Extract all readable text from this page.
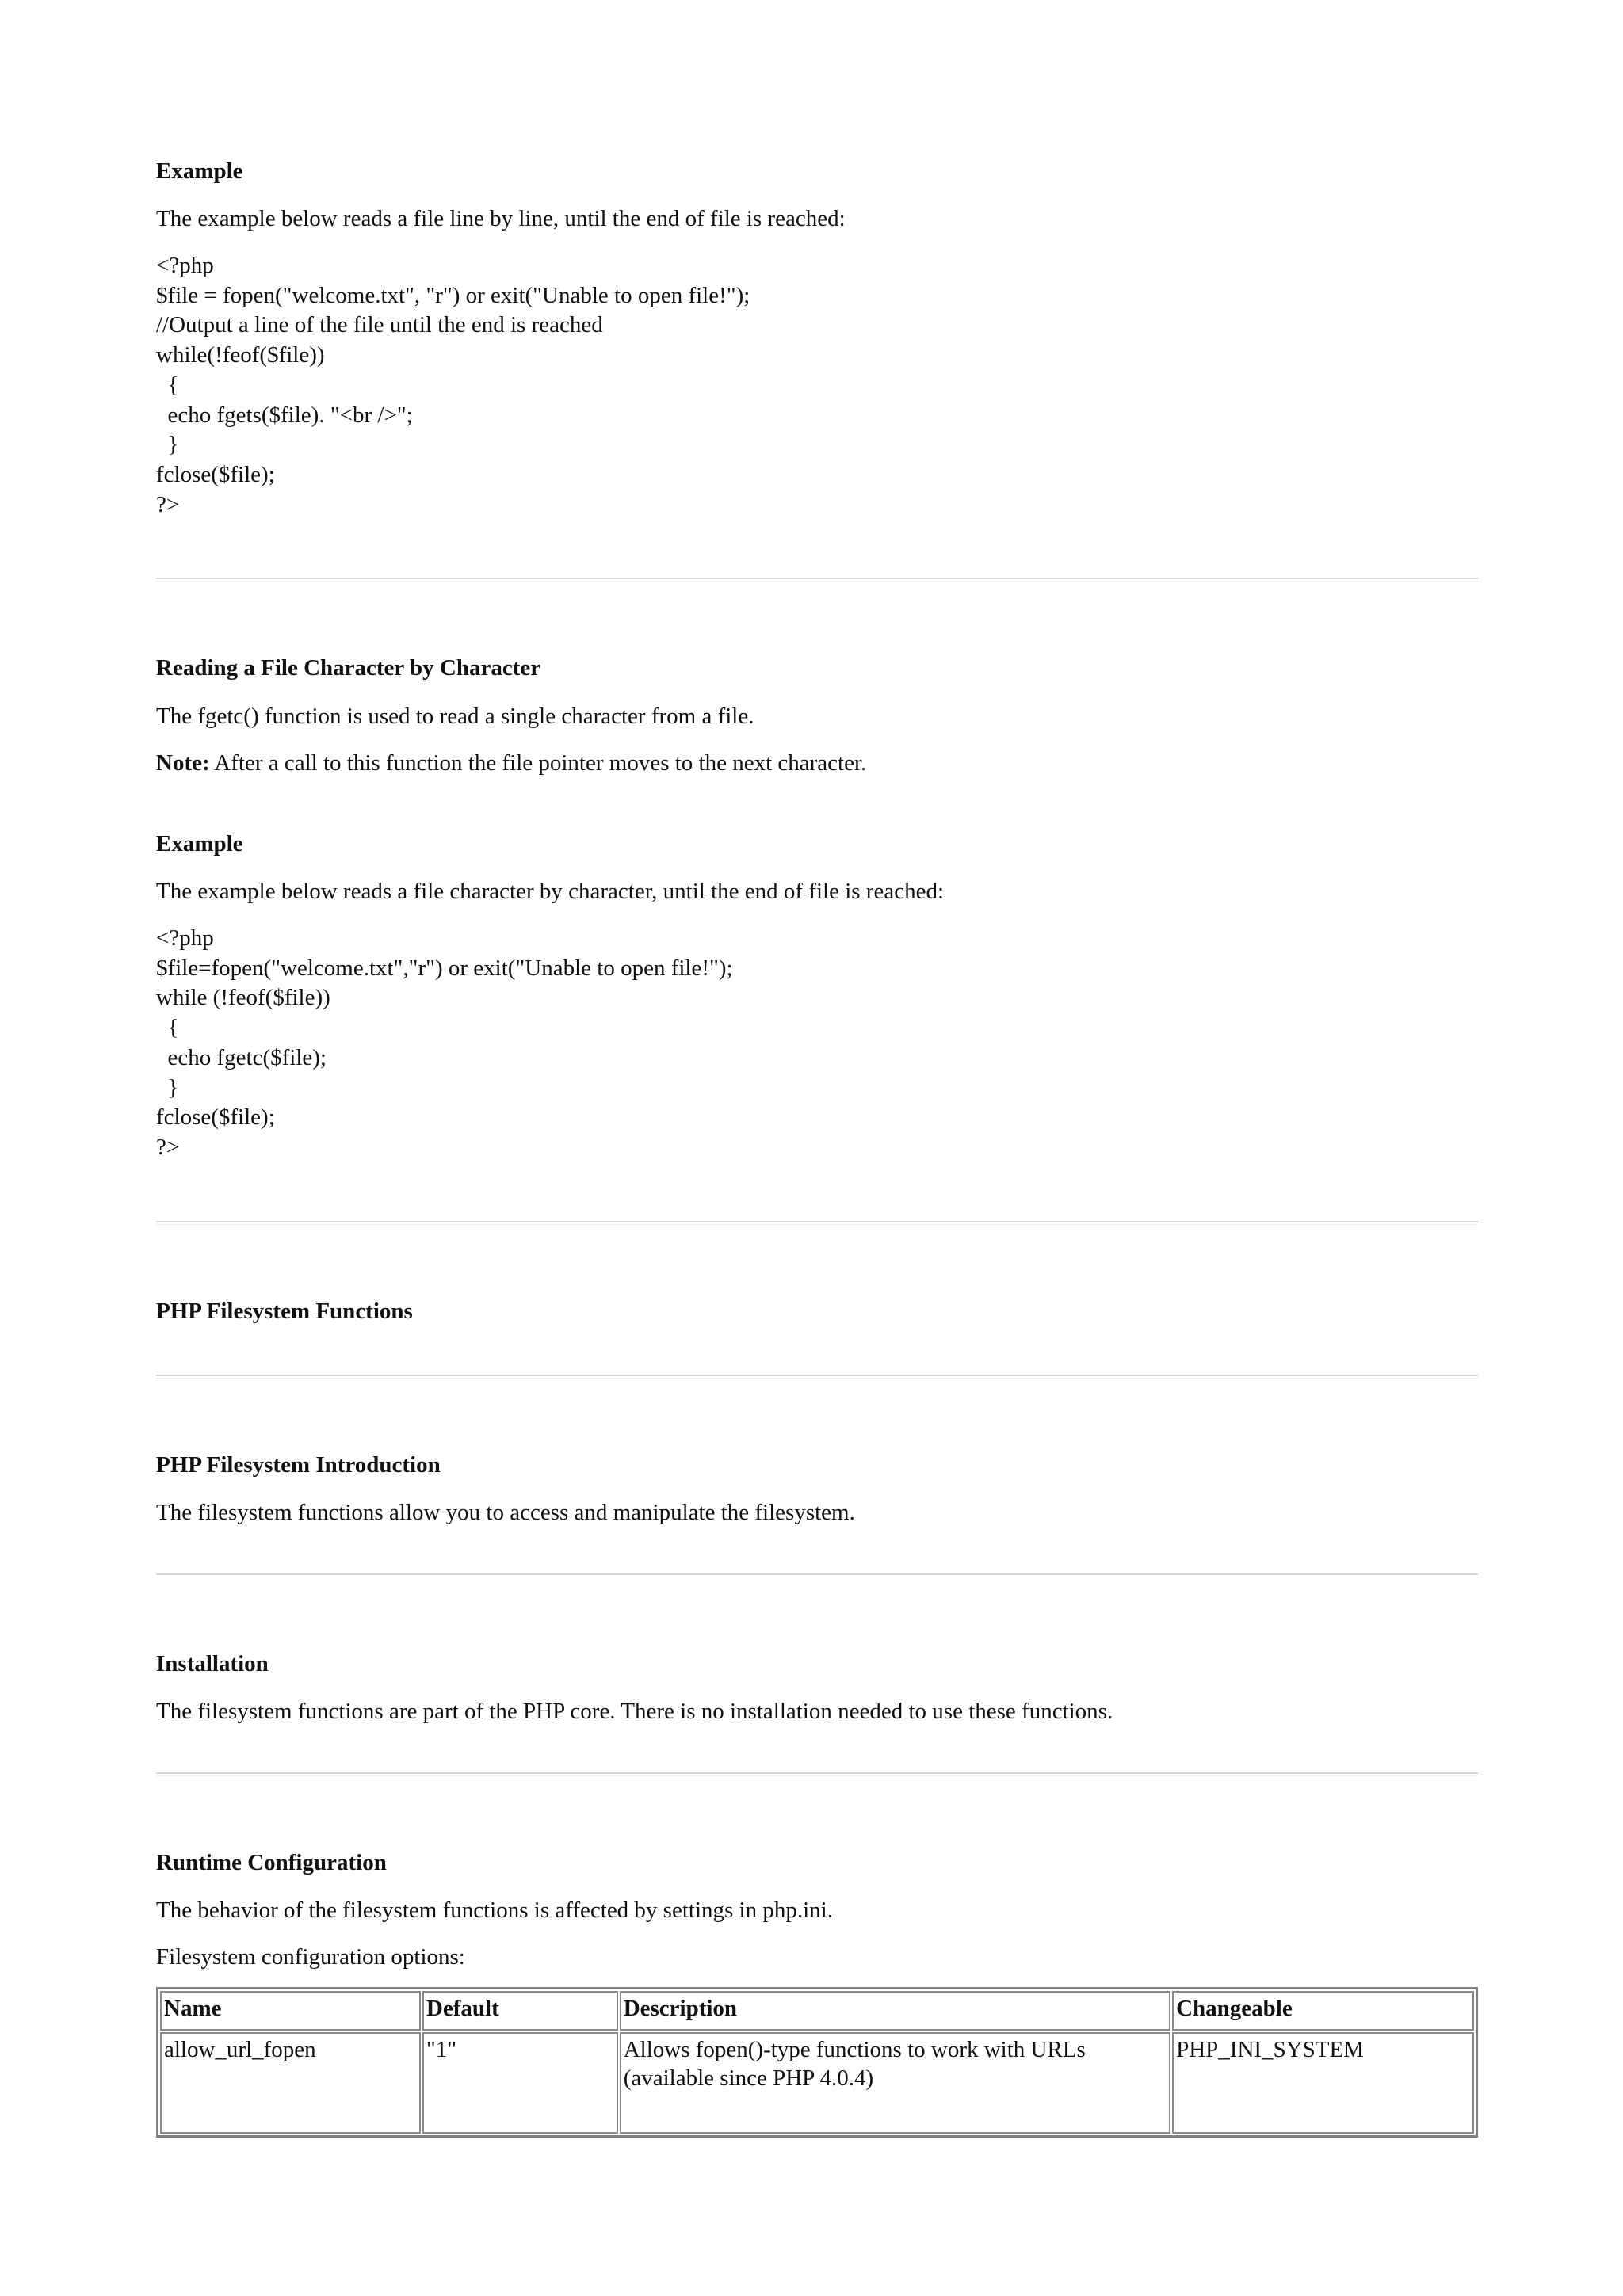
Example

The example below reads a file line by line, until the end of file is reached:

<?php
$file = fopen("welcome.txt", "r") or exit("Unable to open file!");
//Output a line of the file until the end is reached
while(!feof($file))
{
echo fgets($file). "<br />";
}
fclose($file);
?>
Reading a File Character by Character

The fgetc() function is used to read a single character from a file.

Note: After a call to this function the file pointer moves to the next character.

Example

The example below reads a file character by character, until the end of file is reached:

<?php
$file=fopen("welcome.txt","r") or exit("Unable to open file!");
while (!feof($file))
{
echo fgetc($file);
}
fclose($file);
?>
PHP Filesystem Functions
PHP Filesystem Introduction

The filesystem functions allow you to access and manipulate the filesystem.

Installation

The filesystem functions are part of the PHP core. There is no installation needed to use these functions.

Runtime Configuration

The behavior of the filesystem functions is affected by settings in php.ini.

Filesystem configuration options:

Name	Default	Description	Changeable
allow_url_fopen	"1"	Allows fopen()-type functions to work with URLs (available since PHP 4.0.4)	PHP_INI_SYSTEM
